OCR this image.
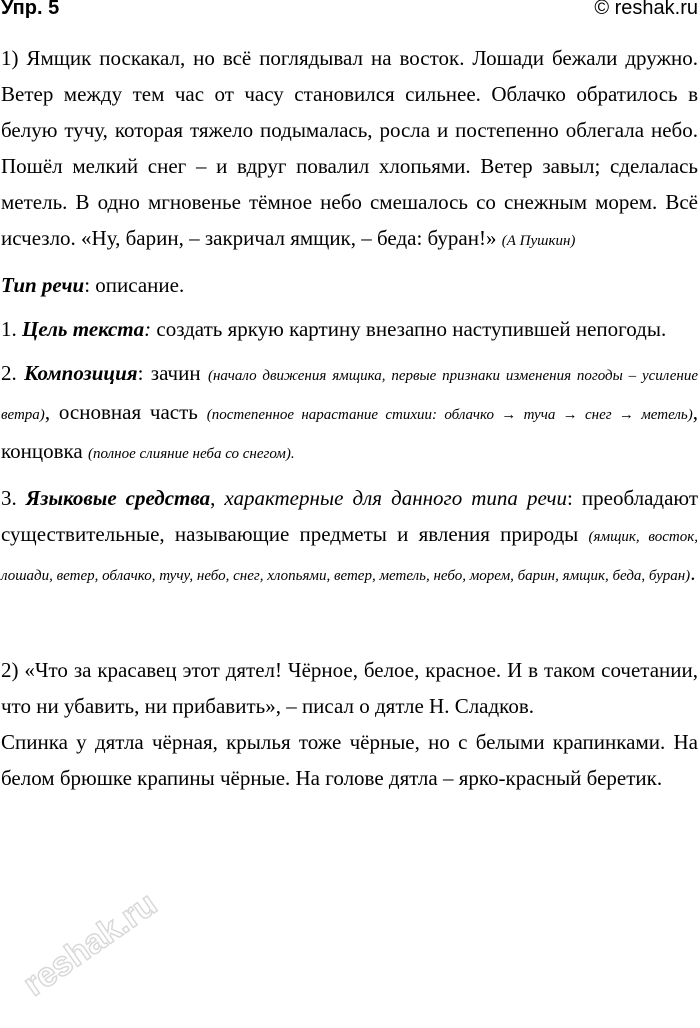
Упр. 5	© reshak.ru

1) Ямщик поскакал, но всё поглядывал на восток. Лошади бежали дружно. Ветер между тем час от часу становился сильнее. Облачко обратилось в белую тучу, которая тяжело подымалась, росла и постепенно облегала небо. Пошёл мелкий снег – и вдруг повалил хлопьями. Ветер завыл; сделалась метель. В одно мгновенье тёмное небо смешалось со снежным морем. Всё исчезло. «Ну, барин, – закричал ямщик, – беда: буран!» (А Пушкин)

Тип речи: описание.

1. Цель текста: создать яркую картину внезапно наступившей непогоды.

2. Композиция: зачин (начало движения ямщика, первые признаки изменения погоды – усиление ветра), основная часть (постепенное нарастание стихии: облачко → туча → снег → метель), концовка (полное слияние неба со снегом).

3. Языковые средства, характерные для данного типа речи: преобладают существительные, называющие предметы и явления природы (ямщик, восток, лошади, ветер, облачко, тучу, небо, снег, хлопьями, ветер, метель, небо, морем, барин, ямщик, беда, буран).

2) «Что за красавец этот дятел! Чёрное, белое, красное. И в таком сочетании, что ни убавить, ни прибавить», – писал о дятле Н. Сладков.

Спинка у дятла чёрная, крылья тоже чёрные, но с белыми крапинками. На белом брюшке крапины чёрные. На голове дятла – ярко-красный беретик.

reshak.ru
